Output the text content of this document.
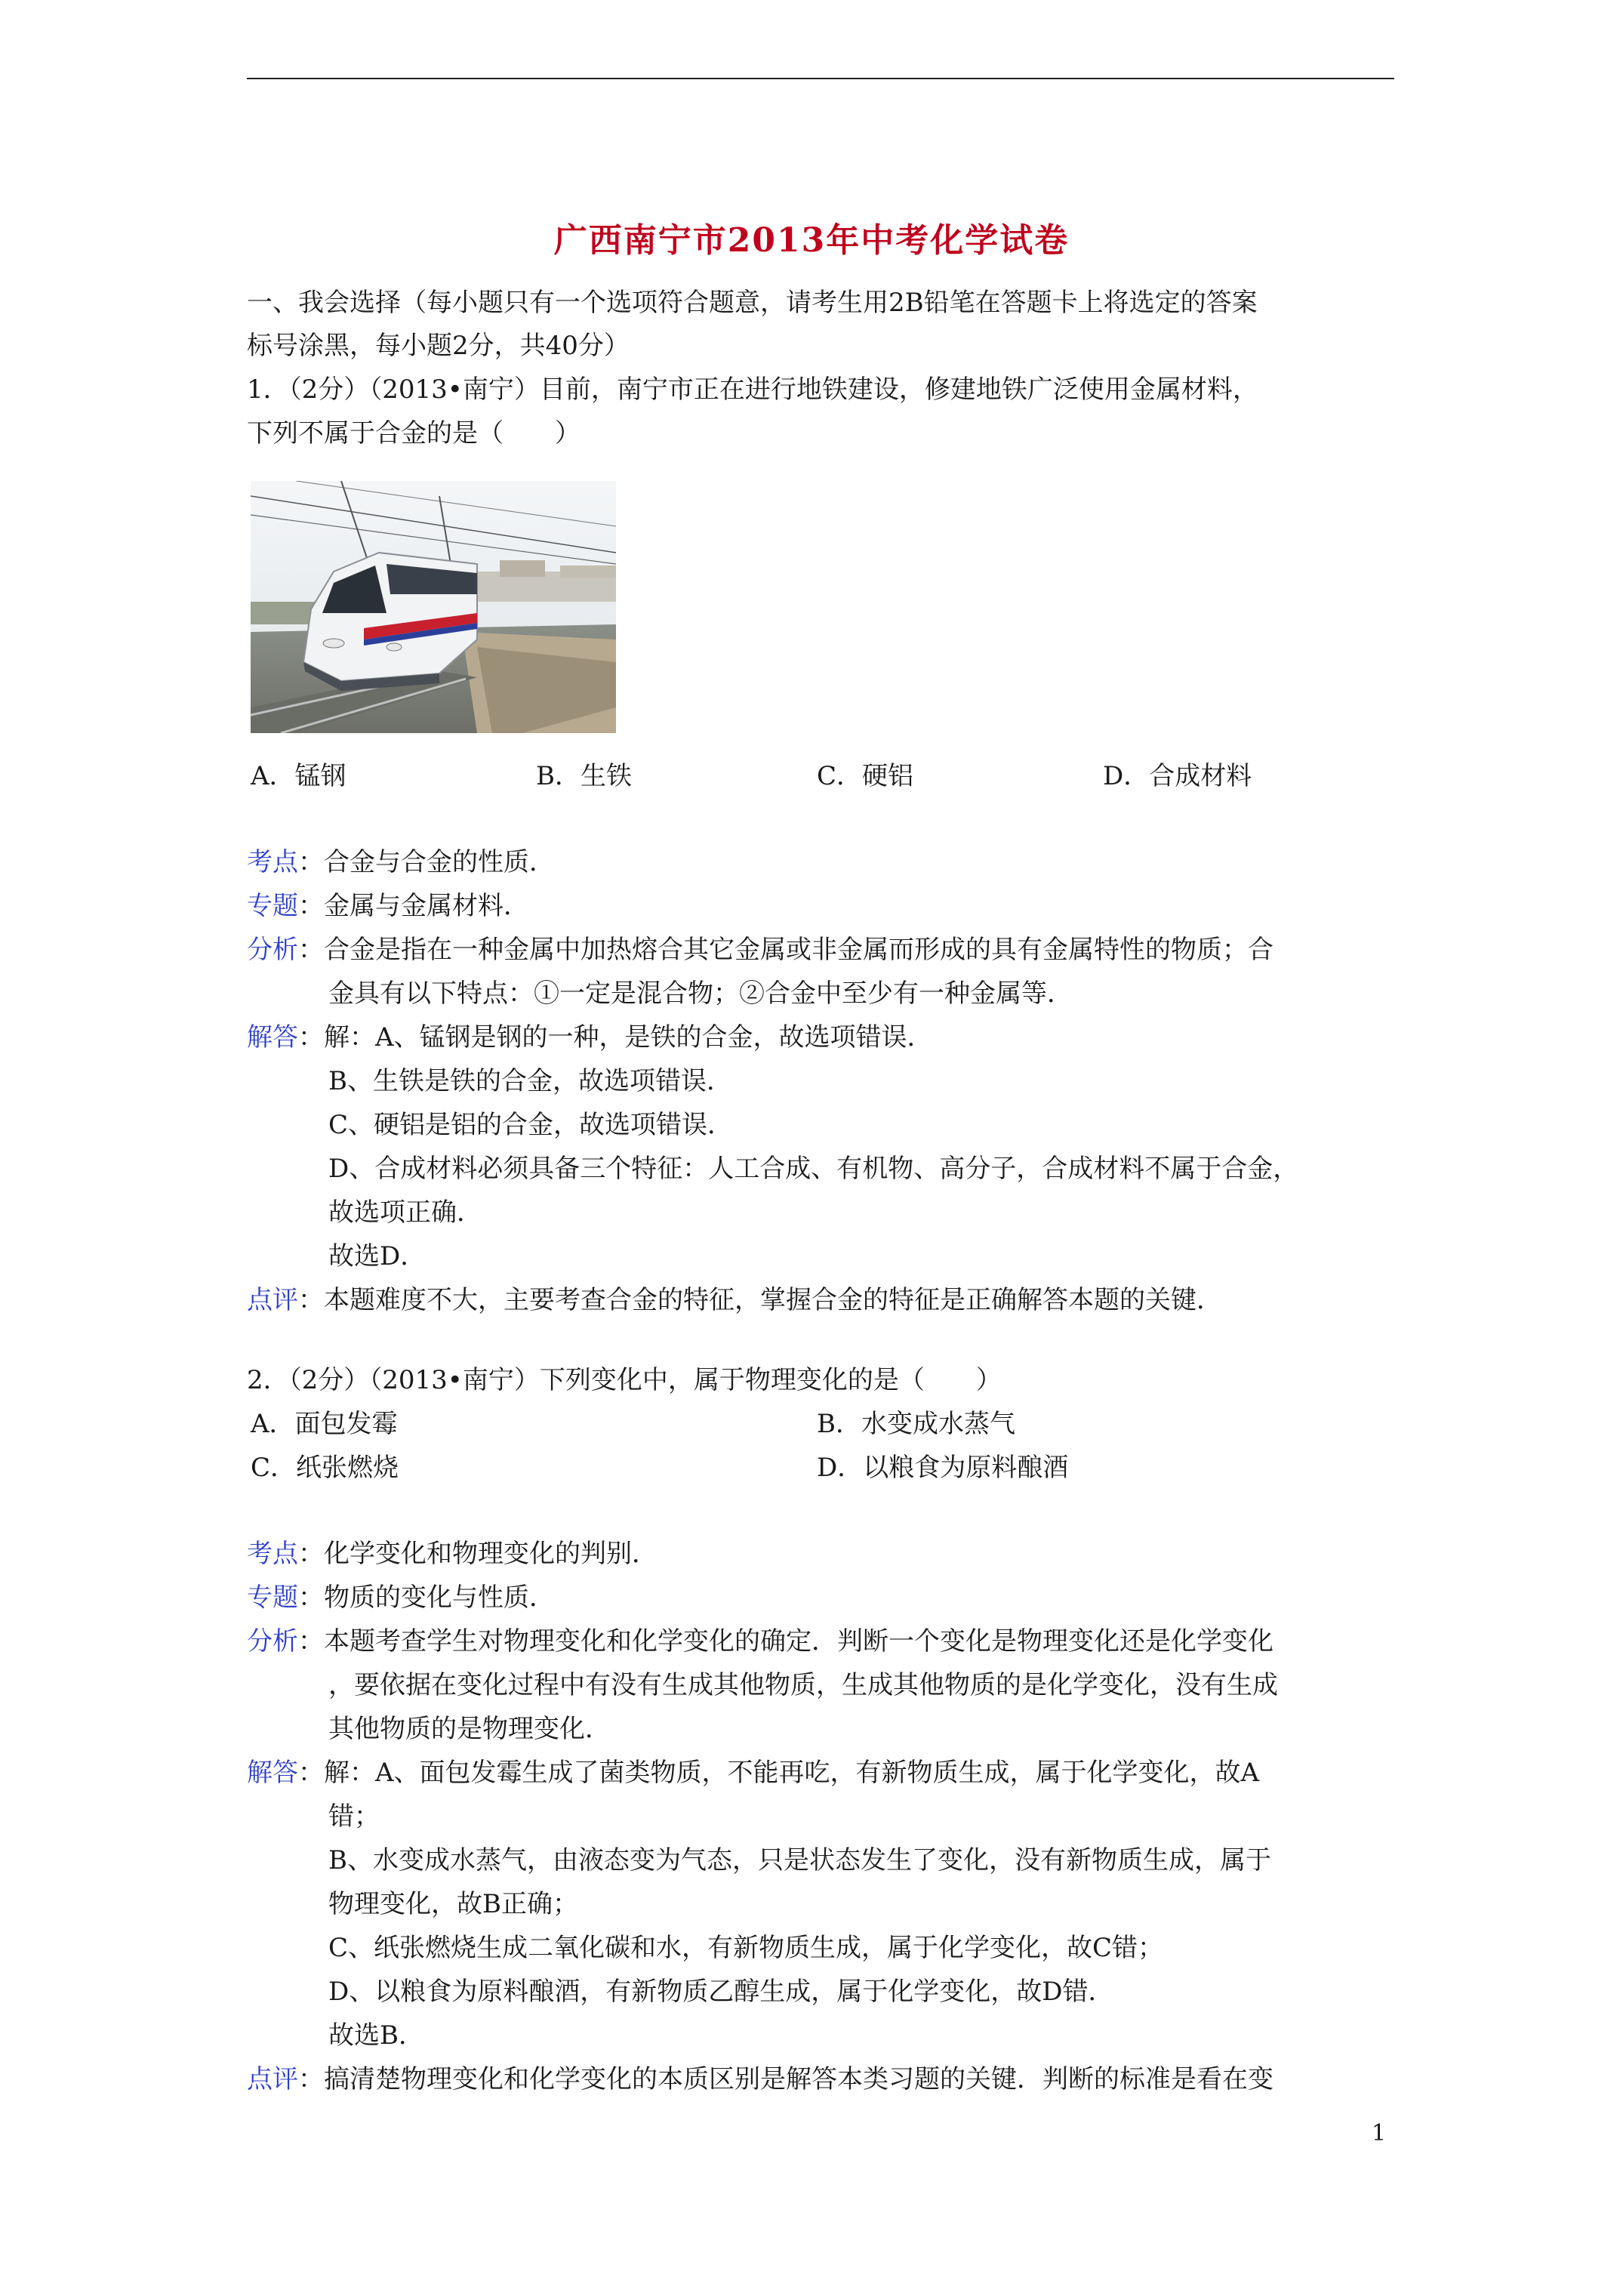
广西南宁市2013年中考化学试卷
一、我会选择（每小题只有一个选项符合题意，请考生用2B铅笔在答题卡上将选定的答案
标号涂黑，每小题2分，共40分）
1．（2分）（2013•南宁）目前，南宁市正在进行地铁建设，修建地铁广泛使用金属材料，
下列不属于合金的是（　　）
A．锰钢	B．生铁	C．硬铝	D．合成材料
考点：合金与合金的性质．
专题：金属与金属材料．
分析：合金是指在一种金属中加热熔合其它金属或非金属而形成的具有金属特性的物质；合
金具有以下特点：①一定是混合物；②合金中至少有一种金属等．
解答：解：A、锰钢是钢的一种，是铁的合金，故选项错误．
B、生铁是铁的合金，故选项错误．
C、硬铝是铝的合金，故选项错误．
D、合成材料必须具备三个特征：人工合成、有机物、高分子，合成材料不属于合金，
故选项正确．
故选D．
点评：本题难度不大，主要考查合金的特征，掌握合金的特征是正确解答本题的关键．
2．（2分）（2013•南宁）下列变化中，属于物理变化的是（　　）
A．面包发霉	B．水变成水蒸气
C．纸张燃烧	D．以粮食为原料酿酒
考点：化学变化和物理变化的判别．
专题：物质的变化与性质．
分析：本题考查学生对物理变化和化学变化的确定．判断一个变化是物理变化还是化学变化
，要依据在变化过程中有没有生成其他物质，生成其他物质的是化学变化，没有生成
其他物质的是物理变化．
解答：解：A、面包发霉生成了菌类物质，不能再吃，有新物质生成，属于化学变化，故A
错；
B、水变成水蒸气，由液态变为气态，只是状态发生了变化，没有新物质生成，属于
物理变化，故B正确；
C、纸张燃烧生成二氧化碳和水，有新物质生成，属于化学变化，故C错；
D、以粮食为原料酿酒，有新物质乙醇生成，属于化学变化，故D错．
故选B．
点评：搞清楚物理变化和化学变化的本质区别是解答本类习题的关键．判断的标准是看在变
1
